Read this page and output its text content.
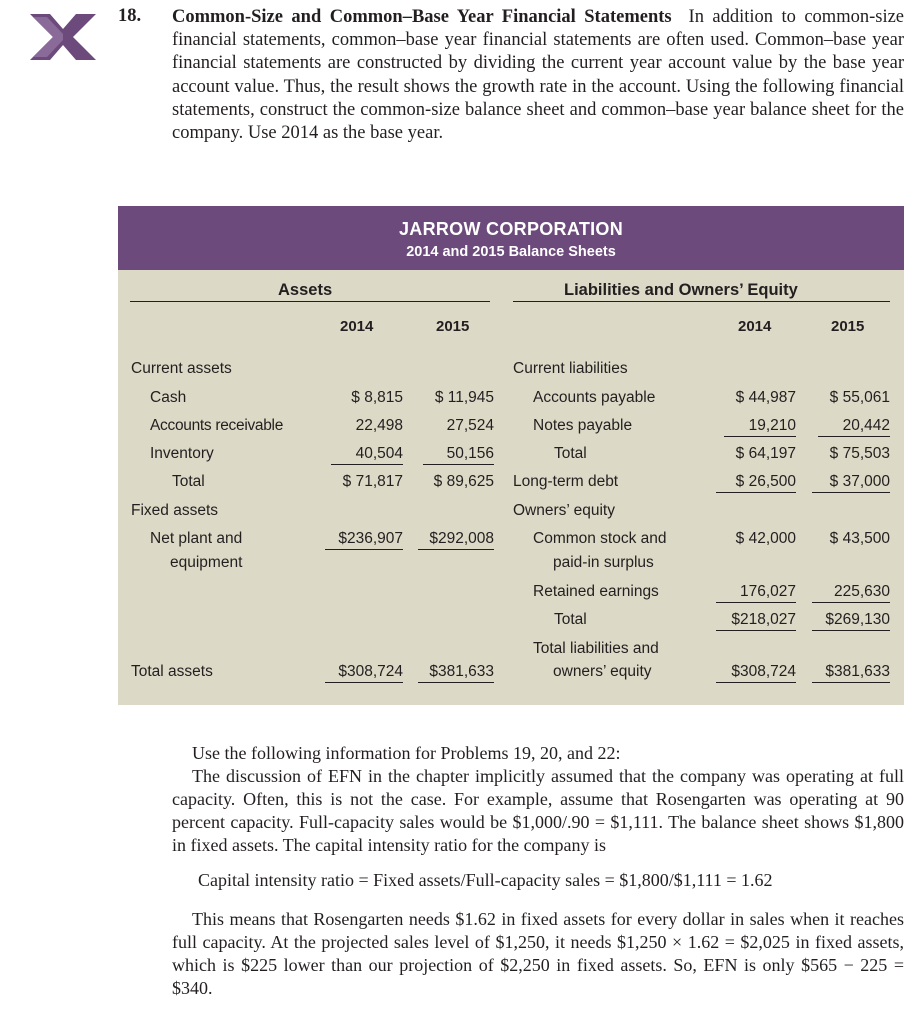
18. Common-Size and Common–Base Year Financial Statements In addition to common-size financial statements, common–base year financial statements are often used. Common–base year financial statements are constructed by dividing the current year account value by the base year account value. Thus, the result shows the growth rate in the account. Using the following financial statements, construct the common-size balance sheet and common–base year balance sheet for the company. Use 2014 as the base year.
JARROW CORPORATION
2014 and 2015 Balance Sheets
Assets	Liabilities and Owners’ Equity
2014	2015	2014	2015
Current assets
Cash	$ 8,815	$ 11,945
Accounts receivable	22,498	27,524
Inventory	40,504	50,156
Total	$ 71,817	$ 89,625
Fixed assets
Net plant and
equipment
$236,907	$292,008
Total assets	$308,724	$381,633
Current liabilities
Accounts payable	$ 44,987	$ 55,061
Notes payable	19,210	20,442
Total	$ 64,197	$ 75,503
Long-term debt	$ 26,500	$ 37,000
Owners’ equity
Common stock and
paid-in surplus
$ 42,000	$ 43,500
Retained earnings	176,027	225,630
Total	$218,027	$269,130
Total liabilities and
owners’ equity	$308,724	$381,633

Use the following information for Problems 19, 20, and 22:

The discussion of EFN in the chapter implicitly assumed that the company was operating at full capacity. Often, this is not the case. For example, assume that Rosengarten was operating at 90 percent capacity. Full-capacity sales would be $1,000/.90 = $1,111. The balance sheet shows $1,800 in fixed assets. The capital intensity ratio for the company is

Capital intensity ratio = Fixed assets/Full-capacity sales = $1,800/$1,111 = 1.62

This means that Rosengarten needs $1.62 in fixed assets for every dollar in sales when it reaches full capacity. At the projected sales level of $1,250, it needs $1,250 × 1.62 = $2,025 in fixed assets, which is $225 lower than our projection of $2,250 in fixed assets. So, EFN is only $565 − 225 = $340.
